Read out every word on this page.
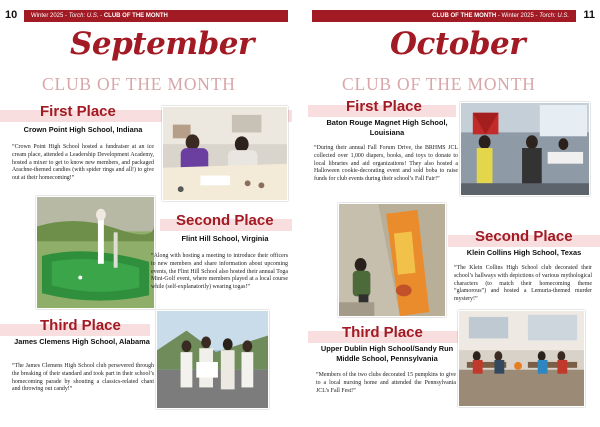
10	Winter 2025 - Torch: U.S. - CLUB OF THE MONTH
September
CLUB OF THE MONTH
First Place
Crown Point High School, Indiana
“Crown Point High School hosted a fundraiser at an ice cream place, attended a Leadership Development Academy, hosted a mixer to get to know new members, and packaged Arachne-themed candies (with spider rings and all!) to give out at their homecoming!”
Second Place
Flint Hill School, Virginia
“Along with hosting a meeting to introduce their officers to new members and share information about upcoming events, the Flint Hill School also hosted their annual Toga Mini-Golf event, where members played at a local course while (self-explanatorily) wearing togas!”
Third Place
James Clemens High School, Alabama
“The James Clemens High School club persevered through the breaking of their standard and took part in their school’s homecoming parade by shouting a classics-related chant and throwing out candy!”
11
CLUB OF THE MONTH - Winter 2025 - Torch: U.S.
October
CLUB OF THE MONTH
First Place
Baton Rouge Magnet High School, Louisiana
“During their annual Fall Forum Drive, the BRHMS JCL collected over 1,000 diapers, books, and toys to donate to local libraries and aid organizations! They also hosted a Halloween cookie-decorating event and sold boba to raise funds for club events during their school’s Fall Fair!”
Second Place
Klein Collins High School, Texas
“The Klein Collins High School club decorated their school’s hallways with depictions of various mythological characters (to match their homecoming theme “glamorous”) and hosted a Lemuria-themed murder mystery!”
Third Place
Upper Dublin High School/Sandy Run Middle School, Pennsylvania
“Members of the two clubs decorated 15 pumpkins to give to a local nursing home and attended the Pennsylvania JCL’s Fall Fest!”
